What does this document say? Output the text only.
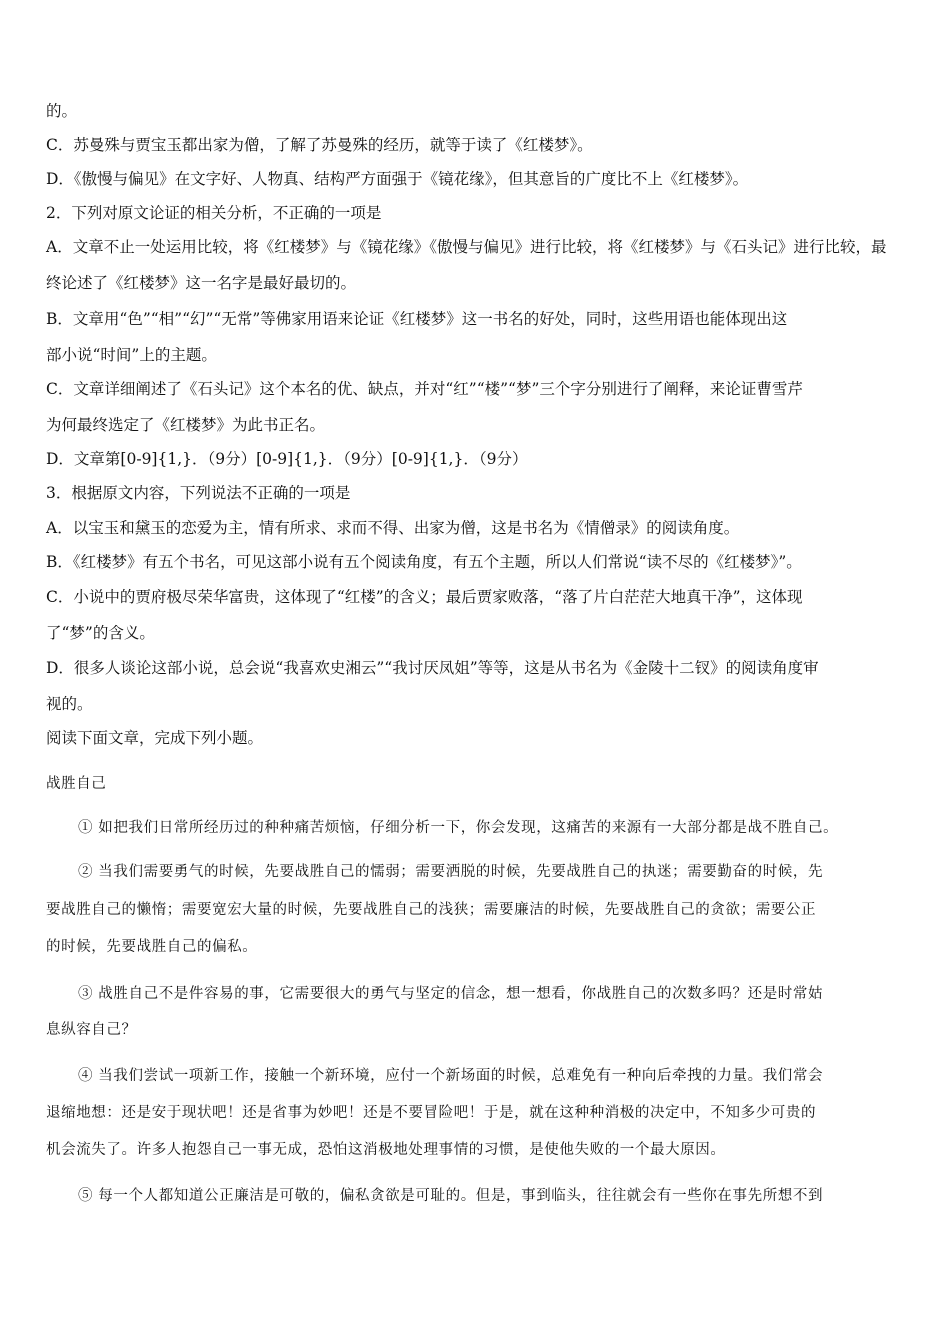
的。
C．苏曼殊与贾宝玉都出家为僧，了解了苏曼殊的经历，就等于读了《红楼梦》。
D．《傲慢与偏见》在文字好、人物真、结构严方面强于《镜花缘》，但其意旨的广度比不上《红楼梦》。
2．下列对原文论证的相关分析，不正确的一项是
A．文章不止一处运用比较，将《红楼梦》与《镜花缘》《傲慢与偏见》进行比较，将《红楼梦》与《石头记》进行比较，最
终论述了《红楼梦》这一名字是最好最切的。
B．文章用“色”“相”“幻”“无常”等佛家用语来论证《红楼梦》这一书名的好处，同时，这些用语也能体现出这
部小说“时间”上的主题。
C．文章详细阐述了《石头记》这个本名的优、缺点，并对“红”“楼”“梦”三个字分别进行了阐释，来论证曹雪芹
为何最终选定了《红楼梦》为此书正名。
D．文章第[0-9]{1,}．（9分）[0-9]{1,}．（9分）[0-9]{1,}．（9分）
3．根据原文内容，下列说法不正确的一项是
A．以宝玉和黛玉的恋爱为主，情有所求、求而不得、出家为僧，这是书名为《情僧录》的阅读角度。
B．《红楼梦》有五个书名，可见这部小说有五个阅读角度，有五个主题，所以人们常说“读不尽的《红楼梦》”。
C．小说中的贾府极尽荣华富贵，这体现了“红楼”的含义；最后贾家败落，“落了片白茫茫大地真干净”，这体现
了“梦”的含义。
D．很多人谈论这部小说，总会说“我喜欢史湘云”“我讨厌凤姐”等等，这是从书名为《金陵十二钗》的阅读角度审
视的。
阅读下面文章，完成下列小题。
战胜自己
① 如把我们日常所经历过的种种痛苦烦恼，仔细分析一下，你会发现，这痛苦的来源有一大部分都是战不胜自己。
② 当我们需要勇气的时候，先要战胜自己的懦弱；需要洒脱的时候，先要战胜自己的执迷；需要勤奋的时候，先
要战胜自己的懒惰；需要宽宏大量的时候，先要战胜自己的浅狭；需要廉洁的时候，先要战胜自己的贪欲；需要公正
的时候，先要战胜自己的偏私。
③ 战胜自己不是件容易的事，它需要很大的勇气与坚定的信念，想一想看，你战胜自己的次数多吗？还是时常姑
息纵容自己？
④ 当我们尝试一项新工作，接触一个新环境，应付一个新场面的时候，总难免有一种向后牵拽的力量。我们常会
退缩地想：还是安于现状吧！还是省事为妙吧！还是不要冒险吧！于是，就在这种种消极的决定中，不知多少可贵的
机会流失了。许多人抱怨自己一事无成，恐怕这消极地处理事情的习惯，是使他失败的一个最大原因。
⑤ 每一个人都知道公正廉洁是可敬的，偏私贪欲是可耻的。但是，事到临头，往往就会有一些你在事先所想不到
